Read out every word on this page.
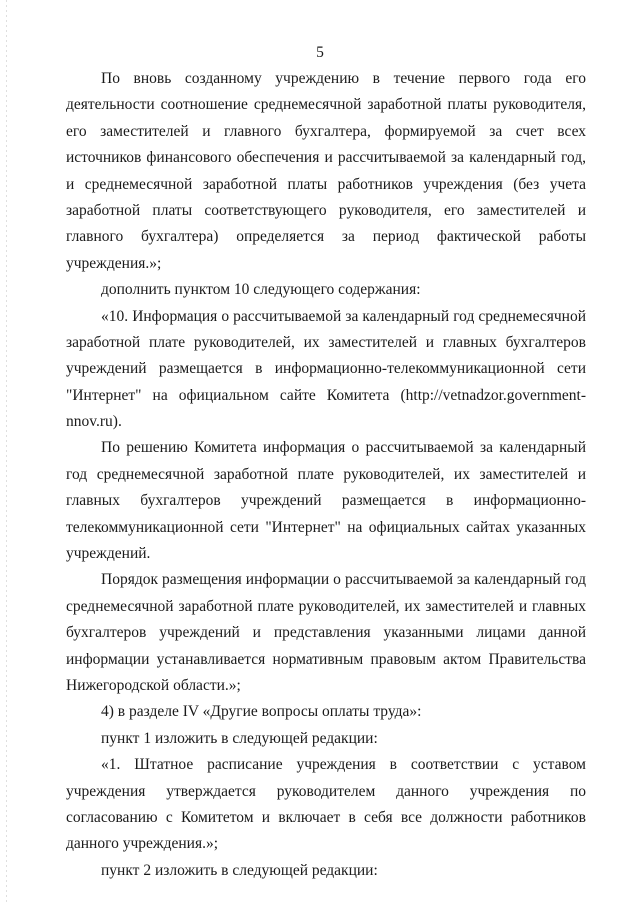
5
По вновь созданному учреждению в течение первого года его
деятельности соотношение среднемесячной заработной платы руководителя,
его заместителей и главного бухгалтера, формируемой за счет всех
источников финансового обеспечения и рассчитываемой за календарный год,
и среднемесячной заработной платы работников учреждения (без учета
заработной платы соответствующего руководителя, его заместителей и
главного бухгалтера) определяется за период фактической работы
учреждения.»;
дополнить пунктом 10 следующего содержания:
«10. Информация о рассчитываемой за календарный год среднемесячной
заработной плате руководителей, их заместителей и главных бухгалтеров
учреждений размещается в информационно-телекоммуникационной сети
"Интернет" на официальном сайте Комитета (http://vetnadzor.government-
nnov.ru).
По решению Комитета информация о рассчитываемой за календарный
год среднемесячной заработной плате руководителей, их заместителей и
главных бухгалтеров учреждений размещается в информационно-
телекоммуникационной сети "Интернет" на официальных сайтах указанных
учреждений.
Порядок размещения информации о рассчитываемой за календарный год
среднемесячной заработной плате руководителей, их заместителей и главных
бухгалтеров учреждений и представления указанными лицами данной
информации устанавливается нормативным правовым актом Правительства
Нижегородской области.»;
4) в разделе IV «Другие вопросы оплаты труда»:
пункт 1 изложить в следующей редакции:
«1. Штатное расписание учреждения в соответствии с уставом
учреждения утверждается руководителем данного учреждения по
согласованию с Комитетом и включает в себя все должности работников
данного учреждения.»;
пункт 2 изложить в следующей редакции:
